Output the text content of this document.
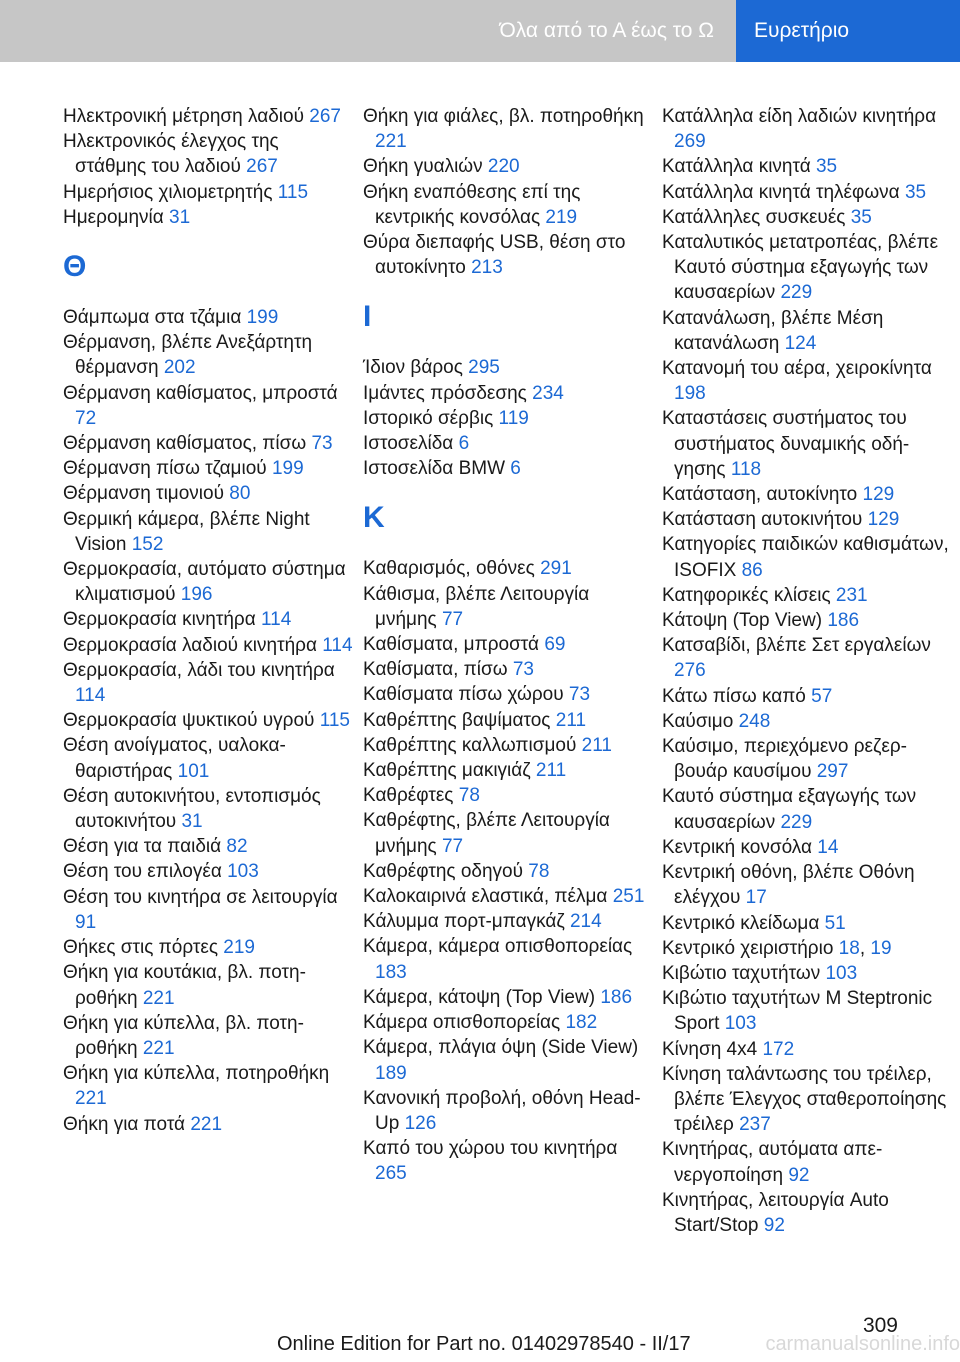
Όλα από το Α έως το Ω	Ευρετήριο

Ηλεκτρονική μέτρηση λαδιού 267

Ηλεκτρονικός έλεγχος της στάθμης του λαδιού 267

Ημερήσιος χιλιομετρητής 115

Ημερομηνία 31

Θ

Θάμπωμα στα τζάμια 199

Θέρμανση, βλέπε Ανεξάρτητη θέρμανση 202

Θέρμανση καθίσματος, μπροστά 72

Θέρμανση καθίσματος, πίσω 73

Θέρμανση πίσω τζαμιού 199

Θέρμανση τιμονιού 80

Θερμική κάμερα, βλέπε Night Vision 152

Θερμοκρασία, αυτόματο σύστημα κλιματισμού 196

Θερμοκρασία κινητήρα 114

Θερμοκρασία λαδιού κινητήρα 114

Θερμοκρασία, λάδι του κινητήρα 114

Θερμοκρασία ψυκτικού υγρού 115

Θέση ανοίγματος, υαλοκαθαριστήρας 101

Θέση αυτοκινήτου, εντοπισμός αυτοκινήτου 31

Θέση για τα παιδιά 82

Θέση του επιλογέα 103

Θέση του κινητήρα σε λειτουργία 91

Θήκες στις πόρτες 219

Θήκη για κουτάκια, βλ. ποτηροθήκη 221

Θήκη για κύπελλα, βλ. ποτηροθήκη 221

Θήκη για κύπελλα, ποτηροθήκη 221

Θήκη για ποτά 221

Θήκη για φιάλες, βλ. ποτηροθήκη 221

Θήκη γυαλιών 220

Θήκη εναπόθεσης επί της κεντρικής κονσόλας 219

Θύρα διεπαφής USB, θέση στο αυτοκίνητο 213

Ι

Ίδιον βάρος 295

Ιμάντες πρόσδεσης 234

Ιστορικό σέρβις 119

Ιστοσελίδα 6

Ιστοσελίδα BMW 6

Κ

Καθαρισμός, οθόνες 291

Κάθισμα, βλέπε Λειτουργία μνήμης 77

Καθίσματα, μπροστά 69

Καθίσματα, πίσω 73

Καθίσματα πίσω χώρου 73

Καθρέπτης βαψίματος 211

Καθρέπτης καλλωπισμού 211

Καθρέπτης μακιγιάζ 211

Καθρέφτες 78

Καθρέφτης, βλέπε Λειτουργία μνήμης 77

Καθρέφτης οδηγού 78

Καλοκαιρινά ελαστικά, πέλμα 251

Κάλυμμα πορτ-μπαγκάζ 214

Κάμερα, κάμερα οπισθοπορείας 183

Κάμερα, κάτοψη (Top View) 186

Κάμερα οπισθοπορείας 182

Κάμερα, πλάγια όψη (Side View) 189

Κανονική προβολή, οθόνη Head-Up 126

Καπό του χώρου του κινητήρα 265

Κατάλληλα είδη λαδιών κινητήρα 269

Κατάλληλα κινητά 35

Κατάλληλα κινητά τηλέφωνα 35

Κατάλληλες συσκευές 35

Καταλυτικός μετατροπέας, βλέπε Καυτό σύστημα εξαγωγής των καυσαερίων 229

Κατανάλωση, βλέπε Μέση κατανάλωση 124

Κατανομή του αέρα, χειροκίνητα 198

Καταστάσεις συστήματος του συστήματος δυναμικής οδήγησης 118

Κατάσταση, αυτοκίνητο 129

Κατάσταση αυτοκινήτου 129

Κατηγορίες παιδικών καθισμάτων, ISOFIX 86

Κατηφορικές κλίσεις 231

Κάτοψη (Top View) 186

Κατσαβίδι, βλέπε Σετ εργαλείων 276

Κάτω πίσω καπό 57

Καύσιμο 248

Καύσιμο, περιεχόμενο ρεζερβουάρ καυσίμου 297

Καυτό σύστημα εξαγωγής των καυσαερίων 229

Κεντρική κονσόλα 14

Κεντρική οθόνη, βλέπε Οθόνη ελέγχου 17

Κεντρικό κλείδωμα 51

Κεντρικό χειριστήριο 18, 19

Κιβώτιο ταχυτήτων 103

Κιβώτιο ταχυτήτων M Steptronic Sport 103

Κίνηση 4x4 172

Κίνηση ταλάντωσης του τρέιλερ, βλέπε Έλεγχος σταθεροποίησης τρέιλερ 237

Κινητήρας, αυτόματα απενεργοποίηση 92

Κινητήρας, λειτουργία Auto Start/Stop 92

309
Online Edition for Part no. 01402978540 - II/17	carmanualsonline.info
